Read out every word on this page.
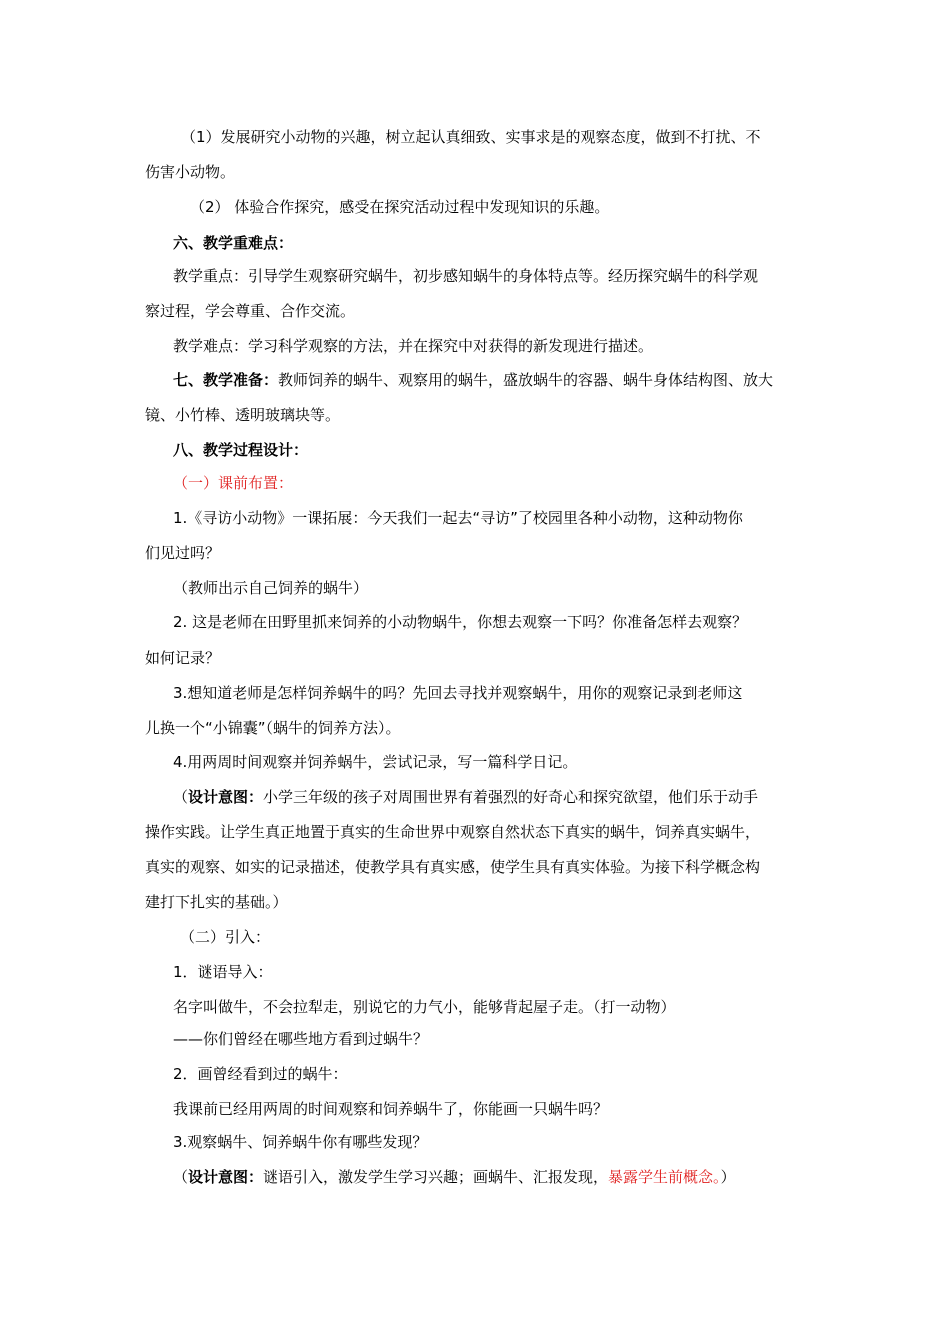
（1）发展研究小动物的兴趣，树立起认真细致、实事求是的观察态度，做到不打扰、不
伤害小动物。
（2） 体验合作探究，感受在探究活动过程中发现知识的乐趣。
六、教学重难点：
教学重点：引导学生观察研究蜗牛，初步感知蜗牛的身体特点等。经历探究蜗牛的科学观
察过程，学会尊重、合作交流。
教学难点：学习科学观察的方法，并在探究中对获得的新发现进行描述。
七、教学准备：教师饲养的蜗牛、观察用的蜗牛，盛放蜗牛的容器、蜗牛身体结构图、放大
镜、小竹棒、透明玻璃块等。
八、教学过程设计：
（一）课前布置：
1.《寻访小动物》一课拓展：今天我们一起去“寻访”了校园里各种小动物，这种动物你
们见过吗？
（教师出示自己饲养的蜗牛）
2. 这是老师在田野里抓来饲养的小动物蜗牛，你想去观察一下吗？你准备怎样去观察？
如何记录？
3.想知道老师是怎样饲养蜗牛的吗？先回去寻找并观察蜗牛，用你的观察记录到老师这
儿换一个“小锦囊”（蜗牛的饲养方法）。
4.用两周时间观察并饲养蜗牛，尝试记录，写一篇科学日记。
（设计意图：小学三年级的孩子对周围世界有着强烈的好奇心和探究欲望，他们乐于动手
操作实践。让学生真正地置于真实的生命世界中观察自然状态下真实的蜗牛，饲养真实蜗牛，
真实的观察、如实的记录描述，使教学具有真实感，使学生具有真实体验。为接下科学概念构
建打下扎实的基础。）
（二）引入：
1．谜语导入：
名字叫做牛，不会拉犁走，别说它的力气小，能够背起屋子走。（打一动物）
——你们曾经在哪些地方看到过蜗牛？
2．画曾经看到过的蜗牛：
我课前已经用两周的时间观察和饲养蜗牛了，你能画一只蜗牛吗？
3.观察蜗牛、饲养蜗牛你有哪些发现？
（设计意图：谜语引入，激发学生学习兴趣；画蜗牛、汇报发现，暴露学生前概念。）
